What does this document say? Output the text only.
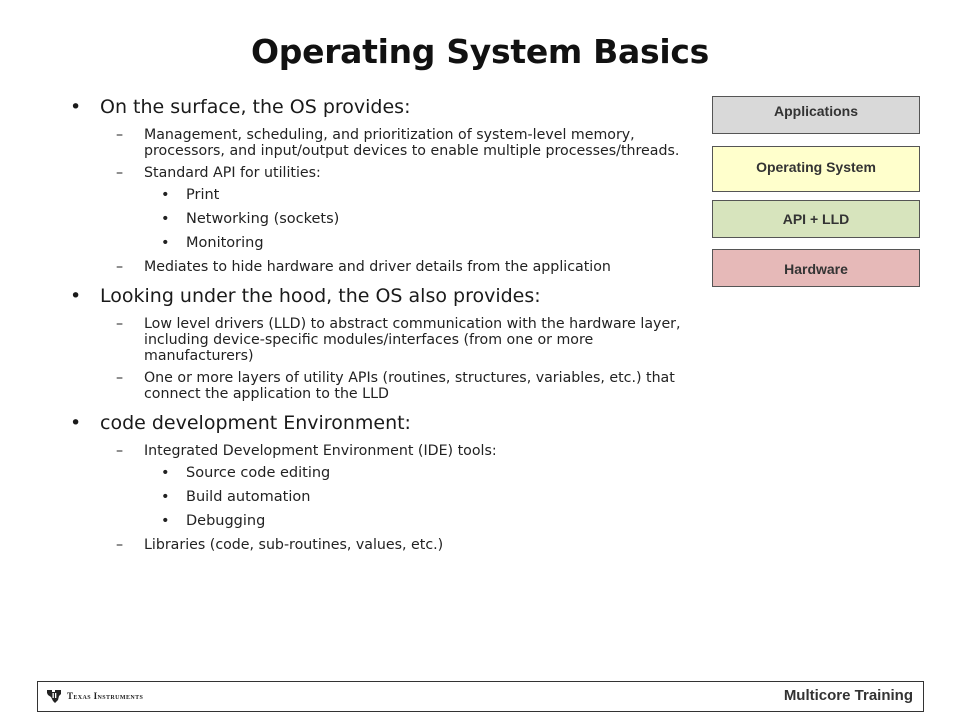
Operating System Basics
• On the surface, the OS provides:
– Management, scheduling, and prioritization of system-level memory, processors, and input/output devices to enable multiple processes/threads.
– Standard API for utilities:
• Print
• Networking (sockets)
• Monitoring
– Mediates to hide hardware and driver details from the application
• Looking under the hood, the OS also provides:
– Low level drivers (LLD) to abstract communication with the hardware layer, including device-specific modules/interfaces (from one or more manufacturers)
– One or more layers of utility APIs (routines, structures, variables, etc.) that connect the application to the LLD
• code development Environment:
– Integrated Development Environment (IDE) tools:
• Source code editing
• Build automation
• Debugging
– Libraries (code, sub-routines, values, etc.)
Applications
Operating System
API + LLD
Hardware
Texas Instruments	Multicore Training
